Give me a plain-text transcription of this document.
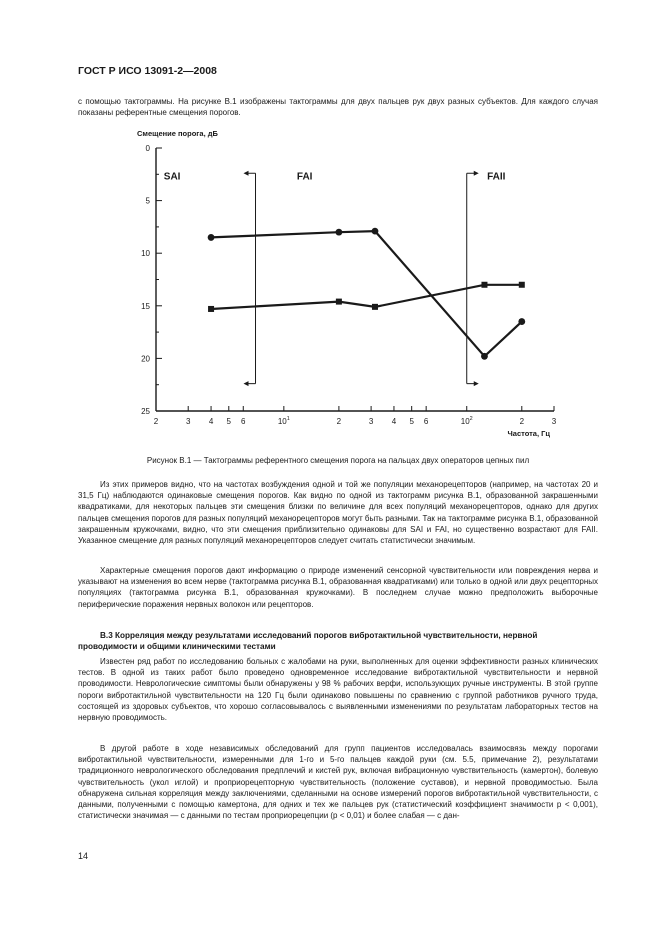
ГОСТ Р ИСО 13091-2—2008
с помощью тактограммы. На рисунке В.1 изображены тактограммы для двух пальцев рук двух разных субъектов. Для каждого случая показаны референтные смещения порогов.
Смещение порога, дБ
0
5
10
15
20
25
2	3 4 5 6	$10^1$	2	3 4 5 6	$10^2$	2	3
SAI	FAI	FAII
Частота, Гц
Рисунок В.1 — Тактограммы референтного смещения порога на пальцах двух операторов цепных пил
Из этих примеров видно, что на частотах возбуждения одной и той же популяции механорецепторов (например, на частотах 20 и 31,5 Гц) наблюдаются одинаковые смещения порогов. Как видно по одной из тактограмм рисунка В.1, образованной закрашенными квадратиками, для некоторых пальцев эти смещения близки по величине для всех популяций механорецепторов, однако для других пальцев смещения порогов для разных популяций механорецепторов могут быть разными. Так на тактограмме рисунка В.1, образованной закрашенным кружочками, видно, что эти смещения приблизительно одинаковы для SAI и FAI, но существенно возрастают для FAII. Указанное смещение для разных популяций механорецепторов следует считать статистически значимым.
Характерные смещения порогов дают информацию о природе изменений сенсорной чувствительности или повреждения нерва и указывают на изменения во всем нерве (тактограмма рисунка В.1, образованная квадратиками) или только в одной или двух рецепторных популяциях (тактограмма рисунка В.1, образованная кружочками). В последнем случае можно предположить выборочные периферические поражения нервных волокон или рецепторов.
В.3 Корреляция между результатами исследований порогов вибротактильной чувствительности, нервной проводимости и общими клиническими тестами
Известен ряд работ по исследованию больных с жалобами на руки, выполненных для оценки эффективности разных клинических тестов. В одной из таких работ было проведено одновременное исследование вибротактильной чувствительности и нервной проводимости. Неврологические симптомы были обнаружены у 98 % рабочих верфи, использующих ручные инструменты. В этой группе пороги вибротактильной чувствительности на 120 Гц были одинаково повышены по сравнению с группой работников ручного труда, состоящей из здоровых субъектов, что хорошо согласовывалось с выявленными изменениями по результатам лабораторных тестов на нервную проводимость.
В другой работе в ходе независимых обследований для групп пациентов исследовалась взаимосвязь между порогами вибротактильной чувствительности, измеренными для 1-го и 5-го пальцев каждой руки (см. 5.5, примечание 2), результатами традиционного неврологического обследования предплечий и кистей рук, включая вибрационную чувствительность (камертон), болевую чувствительность (укол иглой) и проприорецепторную чувствительность (положение суставов), и нервной проводимостью. Была обнаружена сильная корреляция между заключениями, сделанными на основе измерений порогов вибротактильной чувствительности, с данными, полученными с помощью камертона, для одних и тех же пальцев рук (статистический коэффициент значимости р < 0,001), статистически значимая — с данными по тестам проприорецепции (р < 0,01) и более слабая — с дан-
14
